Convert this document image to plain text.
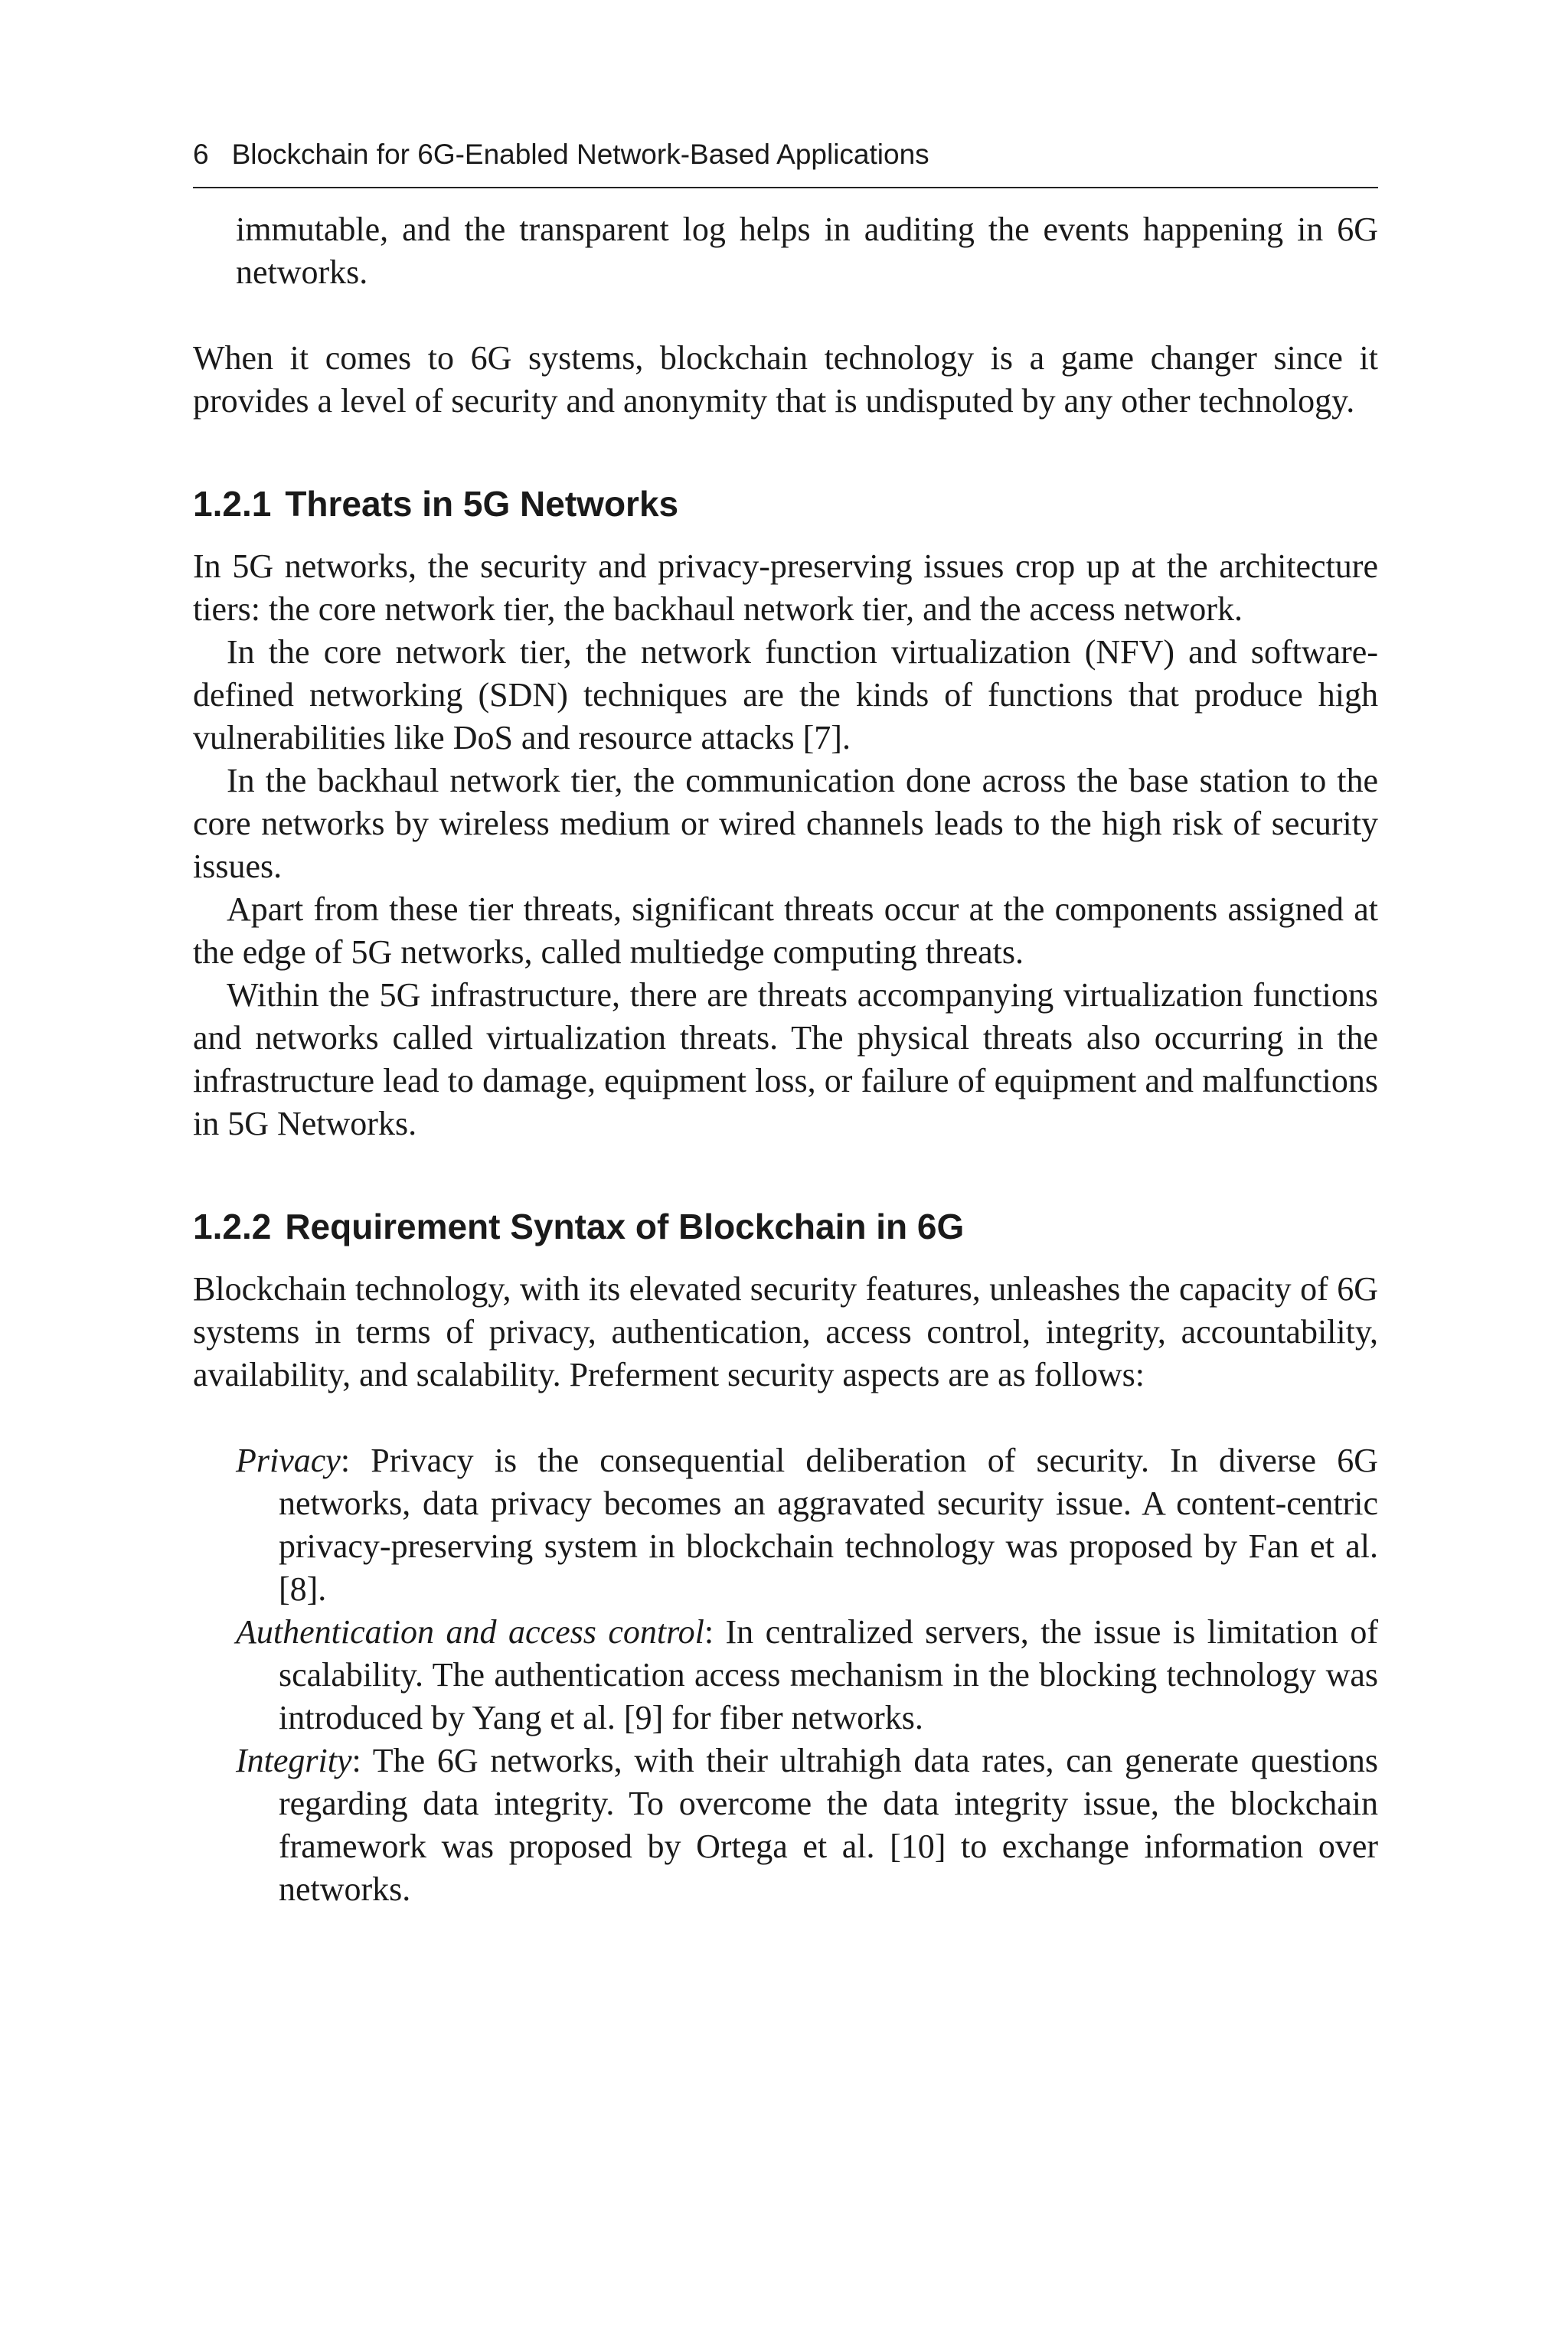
6 Blockchain for 6G-Enabled Network-Based Applications

immutable, and the transparent log helps in auditing the events happening in 6G networks.

When it comes to 6G systems, blockchain technology is a game changer since it provides a level of security and anonymity that is undisputed by any other technology.

1.2.1 Threats in 5G Networks

In 5G networks, the security and privacy-preserving issues crop up at the architecture tiers: the core network tier, the backhaul network tier, and the access network.

In the core network tier, the network function virtualization (NFV) and software-defined networking (SDN) techniques are the kinds of functions that produce high vulnerabilities like DoS and resource attacks [7].

In the backhaul network tier, the communication done across the base station to the core networks by wireless medium or wired channels leads to the high risk of security issues.

Apart from these tier threats, significant threats occur at the components assigned at the edge of 5G networks, called multiedge computing threats.

Within the 5G infrastructure, there are threats accompanying virtualization functions and networks called virtualization threats. The physical threats also occurring in the infrastructure lead to damage, equipment loss, or failure of equipment and malfunctions in 5G Networks.

1.2.2 Requirement Syntax of Blockchain in 6G

Blockchain technology, with its elevated security features, unleashes the capacity of 6G systems in terms of privacy, authentication, access control, integrity, accountability, availability, and scalability. Preferment security aspects are as follows:

Privacy: Privacy is the consequential deliberation of security. In diverse 6G networks, data privacy becomes an aggravated security issue. A content-centric privacy-preserving system in blockchain technology was proposed by Fan et al. [8].
Authentication and access control: In centralized servers, the issue is limitation of scalability. The authentication access mechanism in the blocking technology was introduced by Yang et al. [9] for fiber networks.
Integrity: The 6G networks, with their ultrahigh data rates, can generate questions regarding data integrity. To overcome the data integrity issue, the blockchain framework was proposed by Ortega et al. [10] to exchange information over networks.
